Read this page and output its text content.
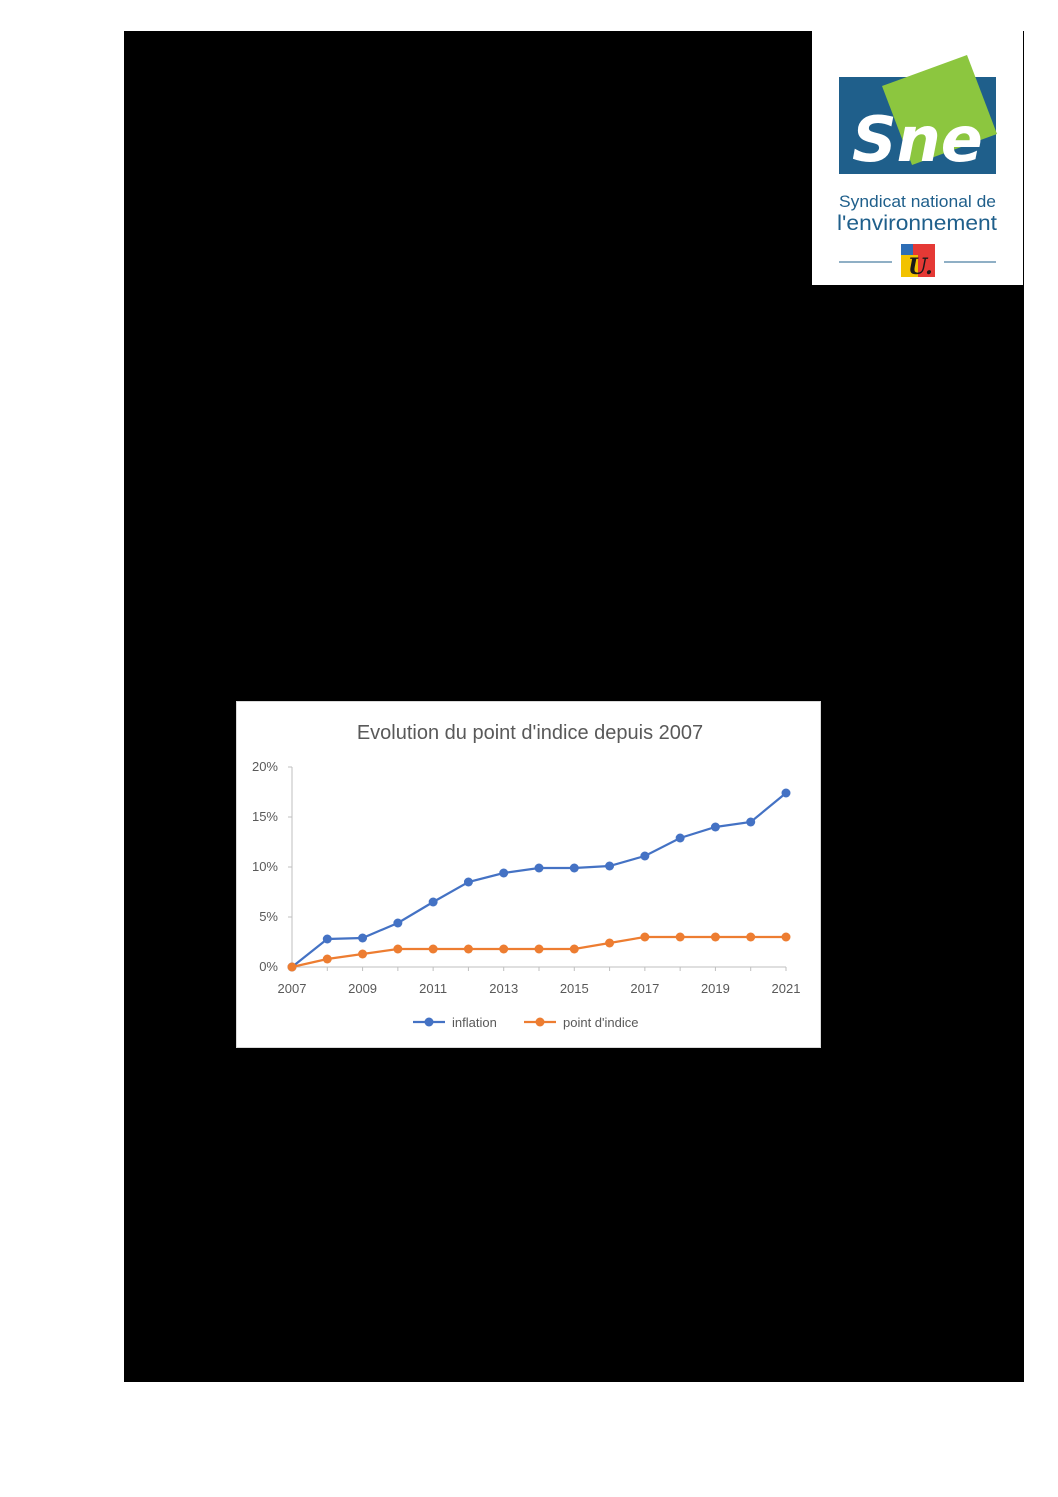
Sne
Syndicat national de
l'environnement
U.
Evolution du point d'indice depuis 2007
0%
5%
10%
15%
20%
2007	2009	2011	2013	2015	2017	2019	2021
inflation	point d'indice
